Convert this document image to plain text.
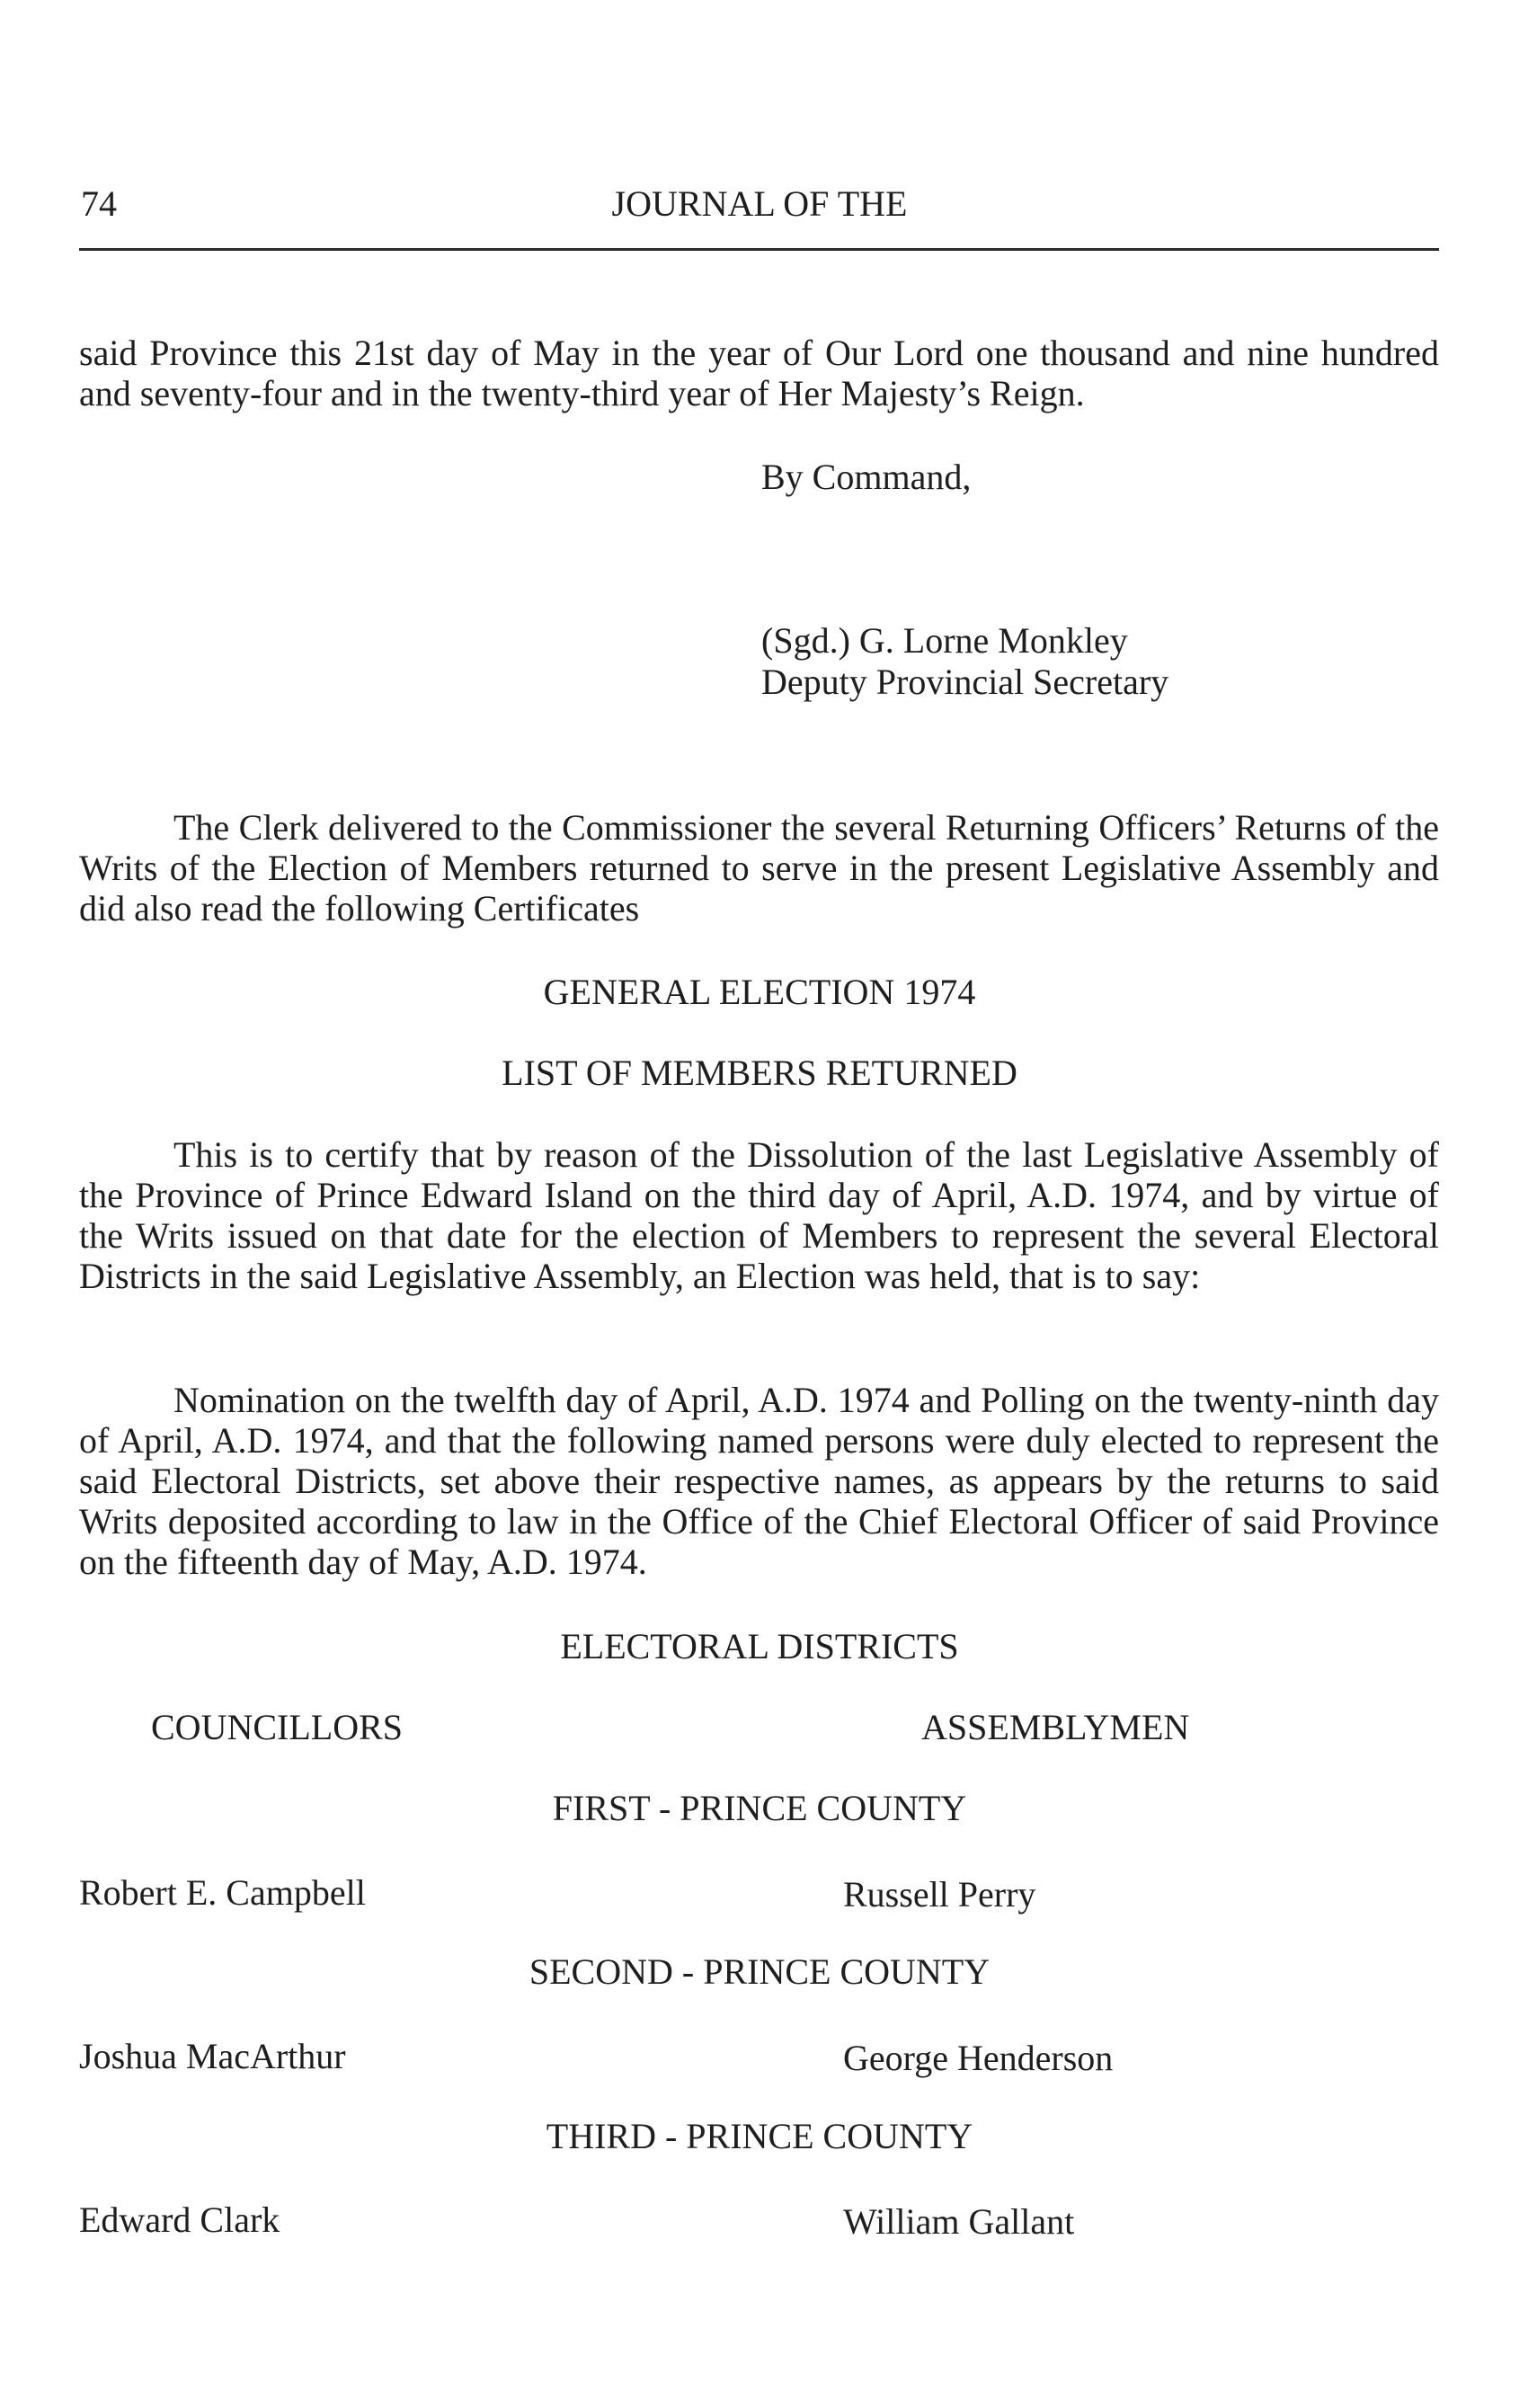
74	JOURNAL OF THE

said Province this 21st day of May in the year of Our Lord one thousand and nine hundred and seventy-four and in the twenty-third year of Her Majesty’s Reign.

By Command,
(Sgd.) G. Lorne Monkley
Deputy Provincial Secretary

The Clerk delivered to the Commissioner the several Returning Officers’ Returns of the Writs of the Election of Members returned to serve in the present Legislative Assembly and did also read the following Certificates

GENERAL ELECTION 1974
LIST OF MEMBERS RETURNED

This is to certify that by reason of the Dissolution of the last Legislative Assembly of the Province of Prince Edward Island on the third day of April, A.D. 1974, and by virtue of the Writs issued on that date for the election of Members to represent the several Electoral Districts in the said Legislative Assembly, an Election was held, that is to say:

Nomination on the twelfth day of April, A.D. 1974 and Polling on the twenty-ninth day of April, A.D. 1974, and that the following named persons were duly elected to represent the said Electoral Districts, set above their respective names, as appears by the returns to said Writs deposited according to law in the Office of the Chief Electoral Officer of said Province on the fifteenth day of May, A.D. 1974.

ELECTORAL DISTRICTS
COUNCILLORS	ASSEMBLYMEN
FIRST - PRINCE COUNTY
Robert E. Campbell	Russell Perry
SECOND - PRINCE COUNTY
Joshua MacArthur	George Henderson
THIRD - PRINCE COUNTY
Edward Clark	William Gallant
